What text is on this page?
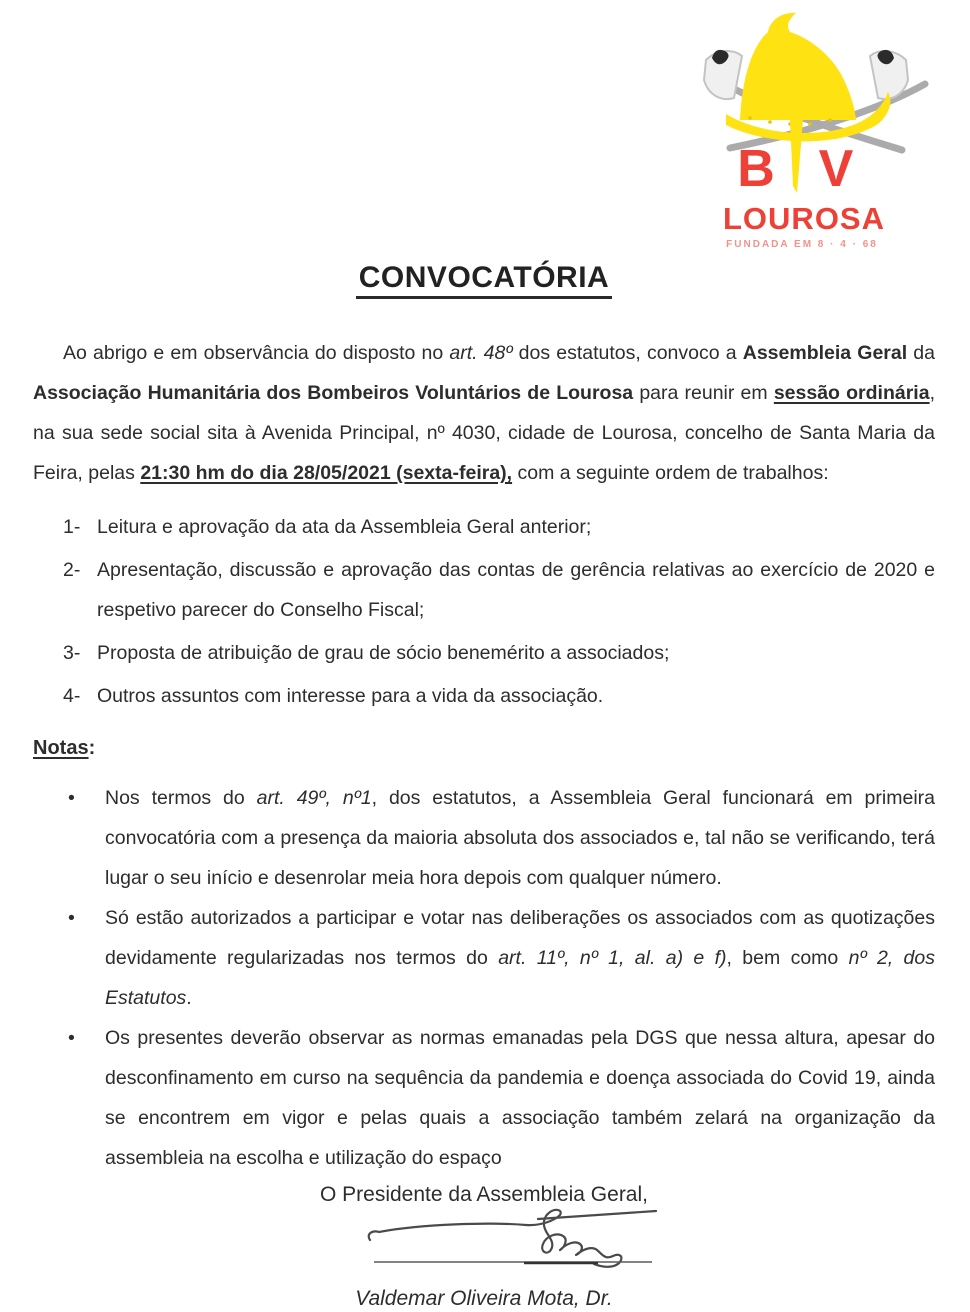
B V
LOUROSA
FUNDADA EM 8 · 4 · 68
CONVOCATÓRIA

Ao abrigo e em observância do disposto no art. 48º dos estatutos, convoco a Assembleia Geral da Associação Humanitária dos Bombeiros Voluntários de Lourosa para reunir em sessão ordinária, na sua sede social sita à Avenida Principal, nº 4030, cidade de Lourosa, concelho de Santa Maria da Feira, pelas 21:30 hm do dia 28/05/2021 (sexta-feira), com a seguinte ordem de trabalhos:

1- Leitura e aprovação da ata da Assembleia Geral anterior;
2- Apresentação, discussão e aprovação das contas de gerência relativas ao exercício de 2020 e respetivo parecer do Conselho Fiscal;
3- Proposta de atribuição de grau de sócio benemérito a associados;
4- Outros assuntos com interesse para a vida da associação.
Notas:
•	Nos termos do art. 49º, nº1, dos estatutos, a Assembleia Geral funcionará em primeira convocatória com a presença da maioria absoluta dos associados e, tal não se verificando, terá lugar o seu início e desenrolar meia hora depois com qualquer número.

•	Só estão autorizados a participar e votar nas deliberações os associados com as quotizações devidamente regularizadas nos termos do art. 11º, nº 1, al. a) e f), bem como nº 2, dos Estatutos.

•	Os presentes deverão observar as normas emanadas pela DGS que nessa altura, apesar do desconfinamento em curso na sequência da pandemia e doença associada do Covid 19, ainda se encontrem em vigor e pelas quais a associação também zelará na organização da assembleia na escolha e utilização do espaço

O Presidente da Assembleia Geral,

Valdemar Oliveira Mota, Dr.
